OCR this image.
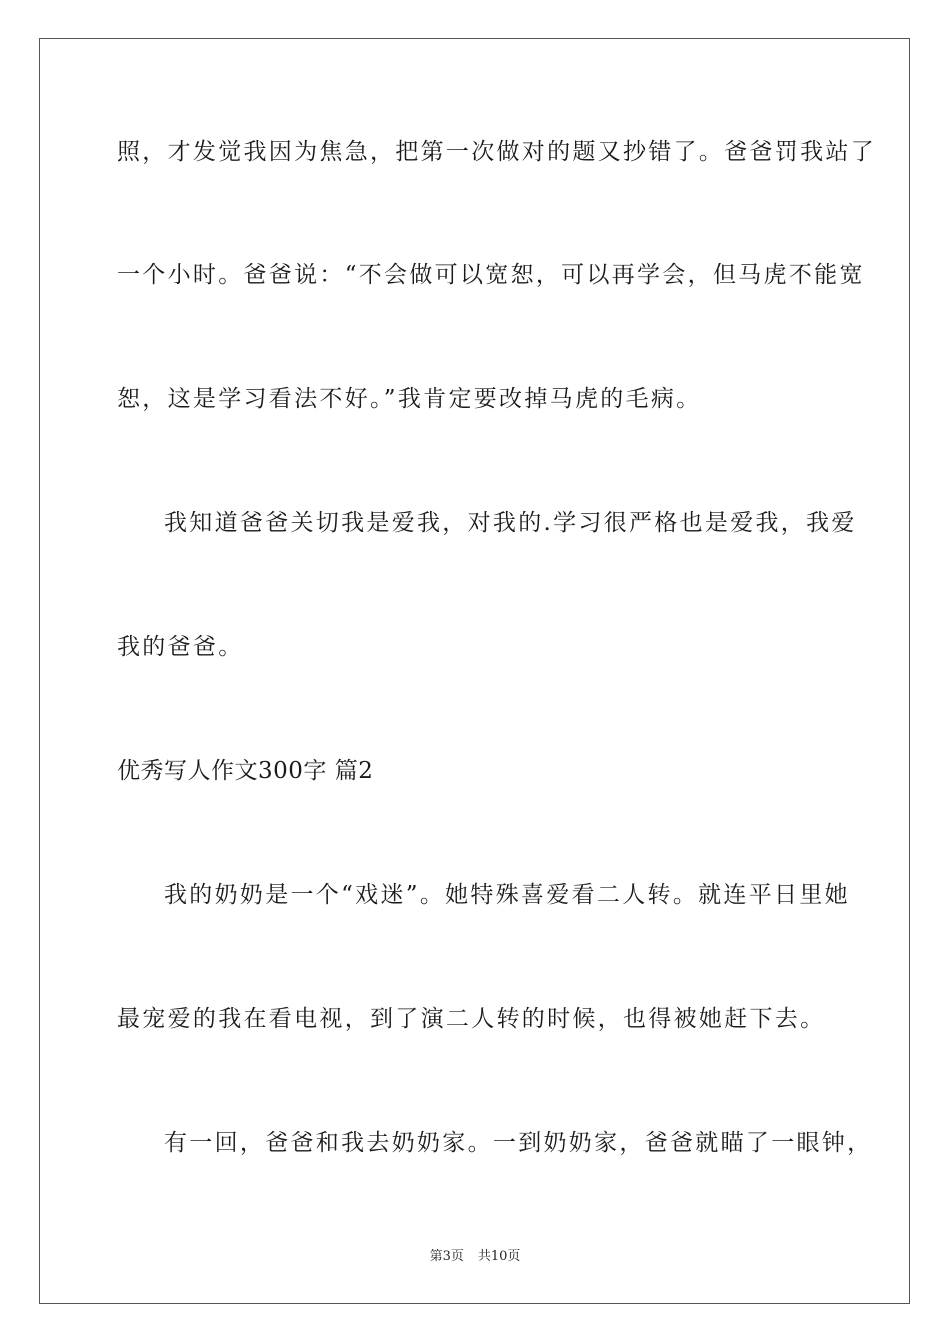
照，才发觉我因为焦急，把第一次做对的题又抄错了。爸爸罚我站了
一个小时。爸爸说：“不会做可以宽恕，可以再学会，但马虎不能宽
恕，这是学习看法不好。”我肯定要改掉马虎的毛病。
我知道爸爸关切我是爱我，对我的.学习很严格也是爱我，我爱
我的爸爸。
优秀写人作文300字 篇2
我的奶奶是一个“戏迷”。她特殊喜爱看二人转。就连平日里她
最宠爱的我在看电视，到了演二人转的时候，也得被她赶下去。
有一回，爸爸和我去奶奶家。一到奶奶家，爸爸就瞄了一眼钟，
第3页 共10页
